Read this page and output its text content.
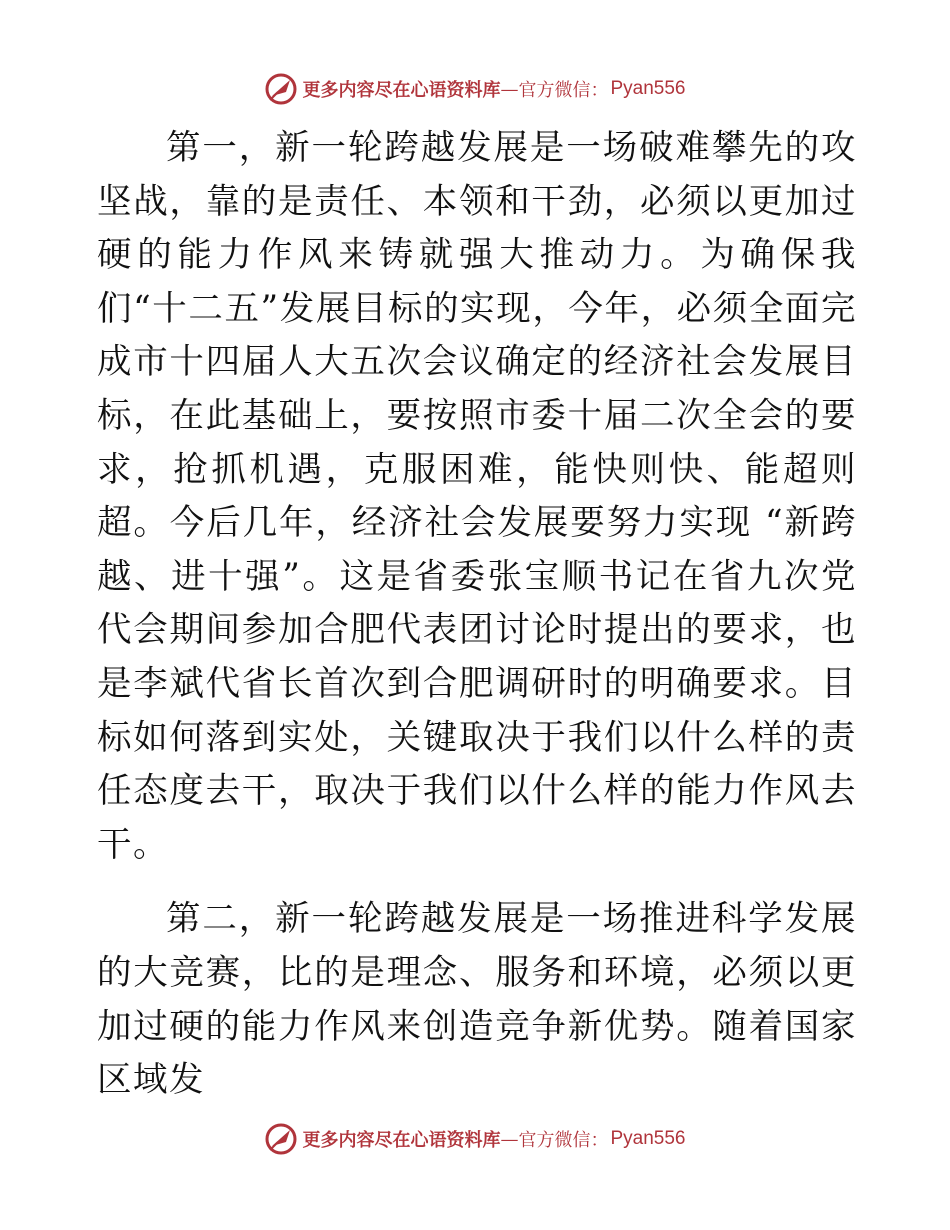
更多内容尽在心语资料库 — 官方微信： Pyan556

第一，新一轮跨越发展是一场破难攀先的攻坚战，靠的是责任、本领和干劲，必须以更加过硬的能力作风来铸就强大推动力。为确保我们“十二五”发展目标的实现，今年，必须全面完成市十四届人大五次会议确定的经济社会发展目标，在此基础上，要按照市委十届二次全会的要求，抢抓机遇，克服困难，能快则快、能超则超。今后几年，经济社会发展要努力实现 “新跨越、进十强”。这是省委张宝顺书记在省九次党代会期间参加合肥代表团讨论时提出的要求，也是李斌代省长首次到合肥调研时的明确要求。目标如何落到实处，关键取决于我们以什么样的责任态度去干，取决于我们以什么样的能力作风去干。

第二，新一轮跨越发展是一场推进科学发展的大竞赛，比的是理念、服务和环境，必须以更加过硬的能力作风来创造竞争新优势。随着国家区域发

更多内容尽在心语资料库 — 官方微信： Pyan556
